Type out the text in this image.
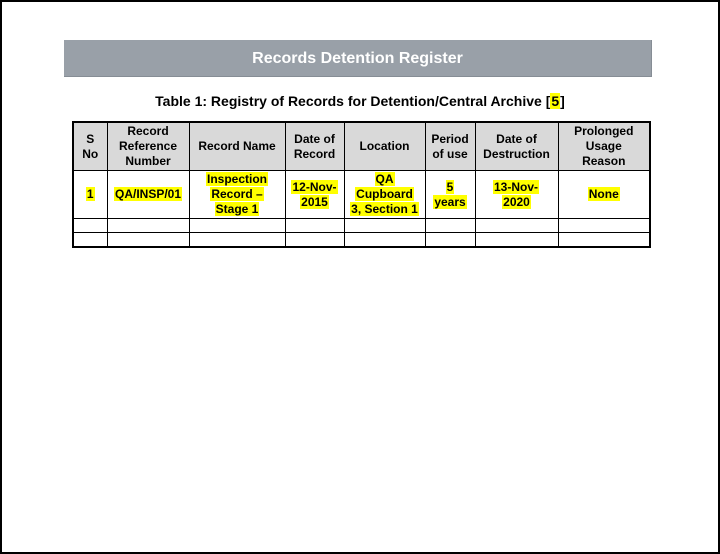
Records Detention Register
Table 1: Registry of Records for Detention/Central Archive [5]
S No	Record Reference Number	Record Name	Date of Record	Location	Period of use	Date of Destruction	Prolonged Usage Reason
1	QA/INSP/01	Inspection Record – Stage 1	12-Nov-2015	QA Cupboard 3, Section 1	5 years	13-Nov-2020	None
